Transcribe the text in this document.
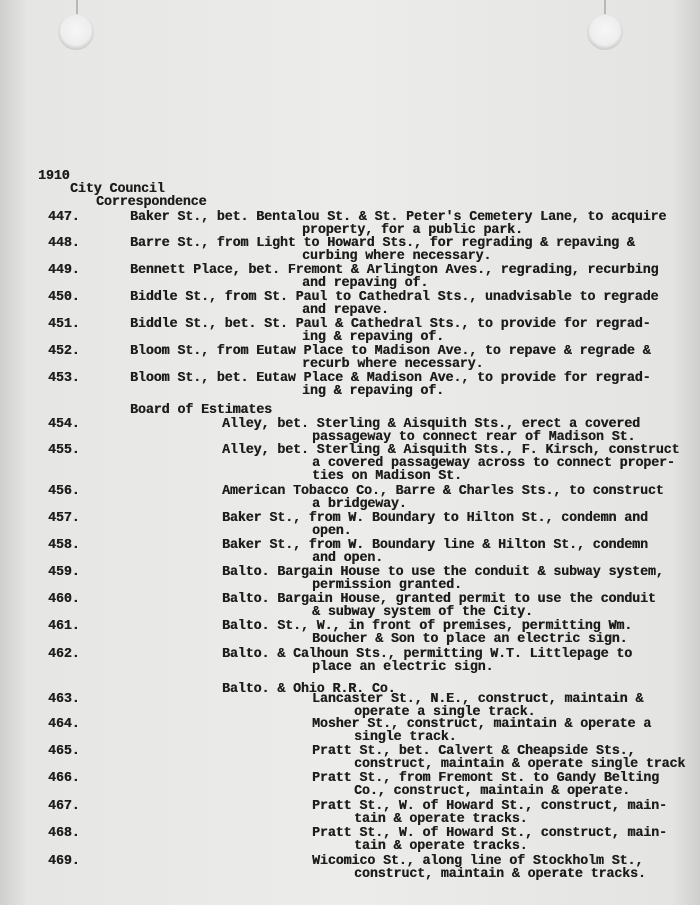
1910
City Council
Correspondence
Board of Estimates
Balto. & Ohio R.R. Co.
447.	Baker St., bet. Bentalou St. & St. Peter's Cemetery Lane, to acquire
property, for a public park.
448.	Barre St., from Light to Howard Sts., for regrading & repaving &
curbing where necessary.
449.	Bennett Place, bet. Fremont & Arlington Aves., regrading, recurbing
and repaving of.
450.	Biddle St., from St. Paul to Cathedral Sts., unadvisable to regrade
and repave.
451.	Biddle St., bet. St. Paul & Cathedral Sts., to provide for regrad-
ing & repaving of.
452.	Bloom St., from Eutaw Place to Madison Ave., to repave & regrade &
recurb where necessary.
453.	Bloom St., bet. Eutaw Place & Madison Ave., to provide for regrad-
ing & repaving of.
454.	Alley, bet. Sterling & Aisquith Sts., erect a covered
passageway to connect rear of Madison St.
455.	Alley, bet. Sterling & Aisquith Sts., F. Kirsch, construct
a covered passageway across to connect proper-
ties on Madison St.
456.	American Tobacco Co., Barre & Charles Sts., to construct
a bridgeway.
457.	Baker St., from W. Boundary to Hilton St., condemn and
open.
458.	Baker St., from W. Boundary line & Hilton St., condemn
and open.
459.	Balto. Bargain House to use the conduit & subway system,
permission granted.
460.	Balto. Bargain House, granted permit to use the conduit
& subway system of the City.
461.	Balto. St., W., in front of premises, permitting Wm.
Boucher & Son to place an electric sign.
462.	Balto. & Calhoun Sts., permitting W.T. Littlepage to
place an electric sign.
463.	Lancaster St., N.E., construct, maintain &
operate a single track.
464.	Mosher St., construct, maintain & operate a
single track.
465.	Pratt St., bet. Calvert & Cheapside Sts.,
construct, maintain & operate single track
466.	Pratt St., from Fremont St. to Gandy Belting
Co., construct, maintain & operate.
467.	Pratt St., W. of Howard St., construct, main-
tain & operate tracks.
468.	Pratt St., W. of Howard St., construct, main-
tain & operate tracks.
469.	Wicomico St., along line of Stockholm St.,
construct, maintain & operate tracks.
